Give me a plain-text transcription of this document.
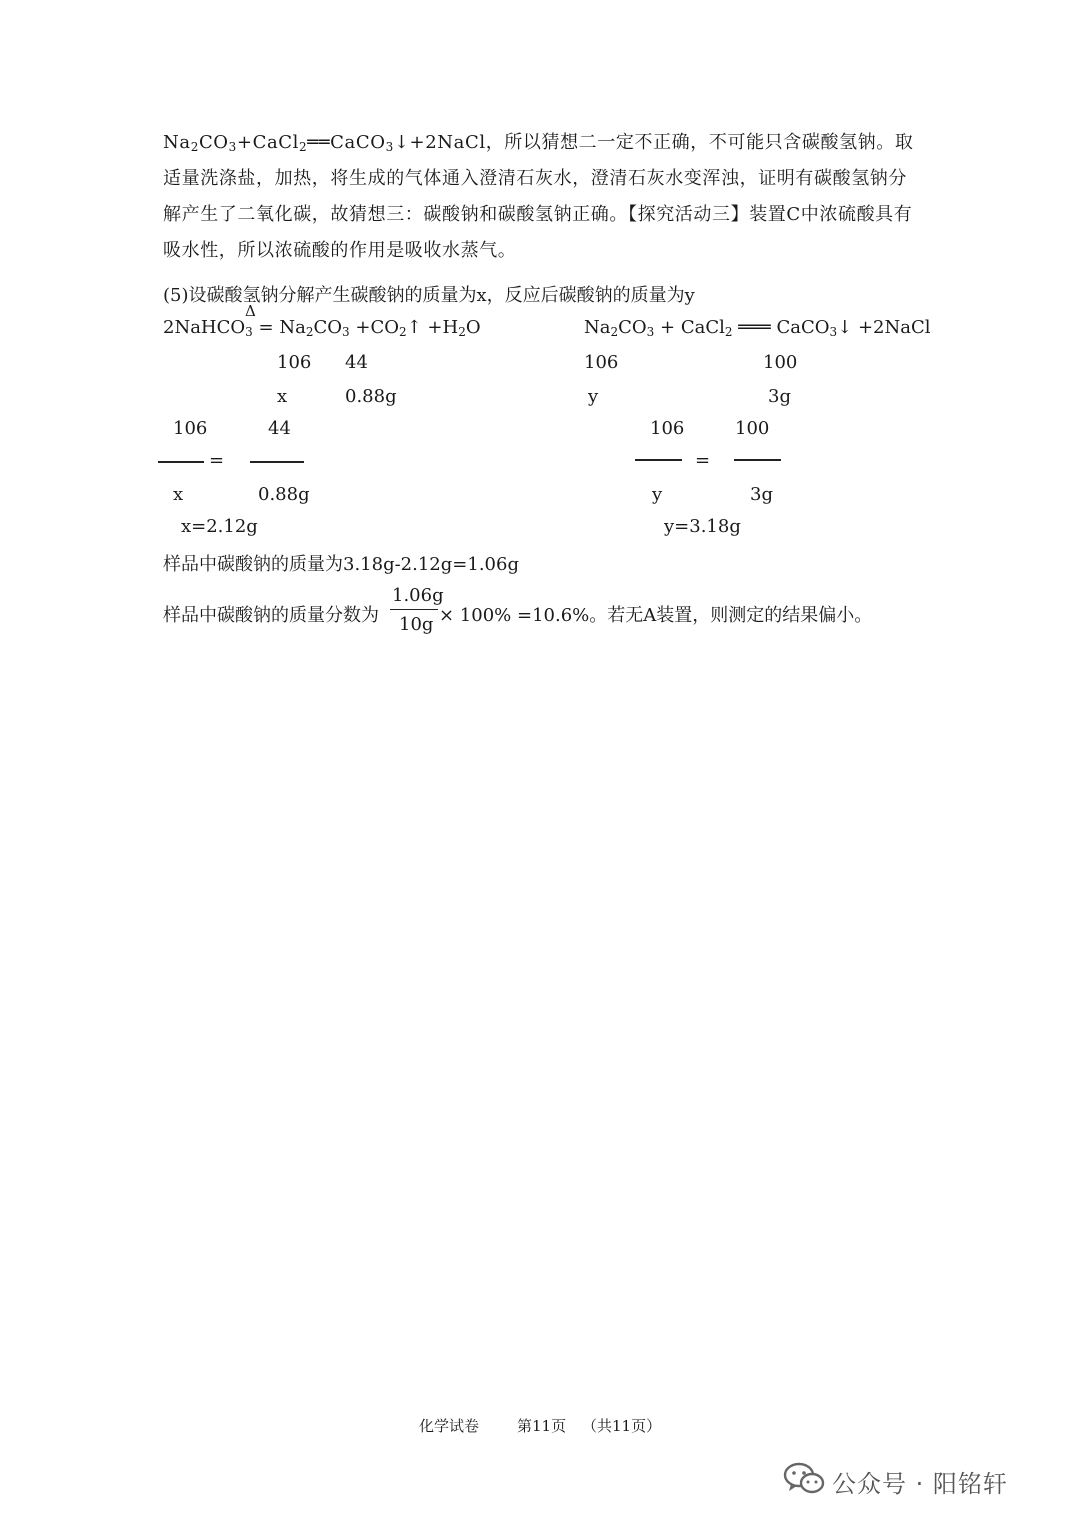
$Na_2CO_3+CaCl_2══CaCO_3↓+2NaCl$，所以猜想二一定不正确，不可能只含碳酸氢钠。取适量洗涤盐，加热，将生成的气体通入澄清石灰水，澄清石灰水变浑浊，证明有碳酸氢钠分解产生了二氧化碳，故猜想三：碳酸钠和碳酸氢钠正确。【探究活动三】装置C中浓硫酸具有吸水性，所以浓硫酸的作用是吸收水蒸气。
(5)设碳酸氢钠分解产生碳酸钠的质量为x，反应后碳酸钠的质量为y
Δ
2NaHCO$_3$ = $Na_2CO_3$ $+CO_2↑ +H_2O$
106 44
x	0.88g
106	44
=
x	0.88g
x=2.12g
$Na_2CO_3$ + CaCl$_2$ ═══ CaCO$_3$↓ +2NaCl
106	100
y	3g
106	100
=
y	3g
y=3.18g
样品中碳酸钠的质量为3.18g-2.12g=1.06g
样品中碳酸钠的质量分数为
1.06g
10g × 100% =10.6%。若无A装置，则测定的结果偏小。
化学试卷	第11页 （共11页）
公众号 · 阳铭轩
